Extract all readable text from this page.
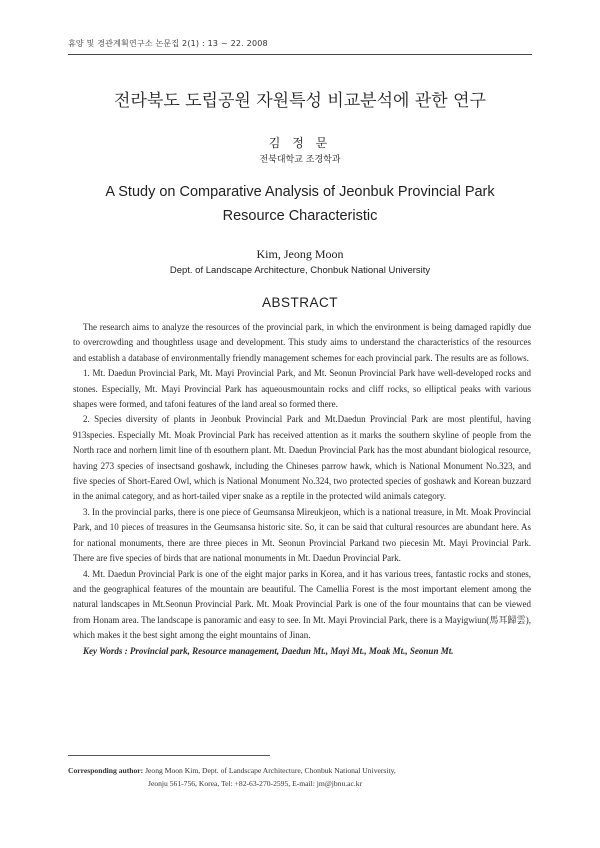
휴양 및 경관계획연구소 논문집 2(1) : 13 ~ 22. 2008
전라북도 도립공원 자원특성 비교분석에 관한 연구
김 정 문
전북대학교 조경학과
A Study on Comparative Analysis of Jeonbuk Provincial Park
Resource Characteristic
Kim, Jeong Moon
Dept. of Landscape Architecture, Chonbuk National University
ABSTRACT

The research aims to analyze the resources of the provincial park, in which the environment is being damaged rapidly due to overcrowding and thoughtless usage and development. This study aims to understand the characteristics of the resources and establish a database of environmentally friendly management schemes for each provincial park. The results are as follows.

1. Mt. Daedun Provincial Park, Mt. Mayi Provincial Park, and Mt. Seonun Provincial Park have well-developed rocks and stones. Especially, Mt. Mayi Provincial Park has aqueousmountain rocks and cliff rocks, so elliptical peaks with various shapes were formed, and tafoni features of the land areal so formed there.

2. Species diversity of plants in Jeonbuk Provincial Park and Mt.Daedun Provincial Park are most plentiful, having 913species. Especially Mt. Moak Provincial Park has received attention as it marks the southern skyline of people from the North race and norhern limit line of th esouthern plant. Mt. Daedun Provincial Park has the most abundant biological resource, having 273 species of insectsand goshawk, including the Chineses parrow hawk, which is National Monument No.323, and five species of Short-Eared Owl, which is National Monument No.324, two protected species of goshawk and Korean buzzard in the animal category, and as hort-tailed viper snake as a reptile in the protected wild animals category.

3. In the provincial parks, there is one piece of Geumsansa Mireukjeon, which is a national treasure, in Mt. Moak Provincial Park, and 10 pieces of treasures in the Geumsansa historic site. So, it can be said that cultural resources are abundant here. As for national monuments, there are three pieces in Mt. Seonun Provincial Parkand two piecesin Mt. Mayi Provincial Park. There are five species of birds that are national monuments in Mt. Daedun Provincial Park.

4. Mt. Daedun Provincial Park is one of the eight major parks in Korea, and it has various trees, fantastic rocks and stones, and the geographical features of the mountain are beautiful. The Camellia Forest is the most important element among the natural landscapes in Mt.Seonun Provincial Park. Mt. Moak Provincial Park is one of the four mountains that can be viewed from Honam area. The landscape is panoramic and easy to see. In Mt. Mayi Provincial Park, there is a Mayigwiun(馬耳歸雲), which makes it the best sight among the eight mountains of Jinan.

Key Words : Provincial park, Resource management, Daedun Mt., Mayi Mt., Moak Mt., Seonun Mt.

Corresponding author: Jeong Moon Kim, Dept. of Landscape Architecture, Chonbuk National University,
Jeonju 561-756, Korea, Tel: +82-63-270-2595, E-mail: jm@jbnu.ac.kr
